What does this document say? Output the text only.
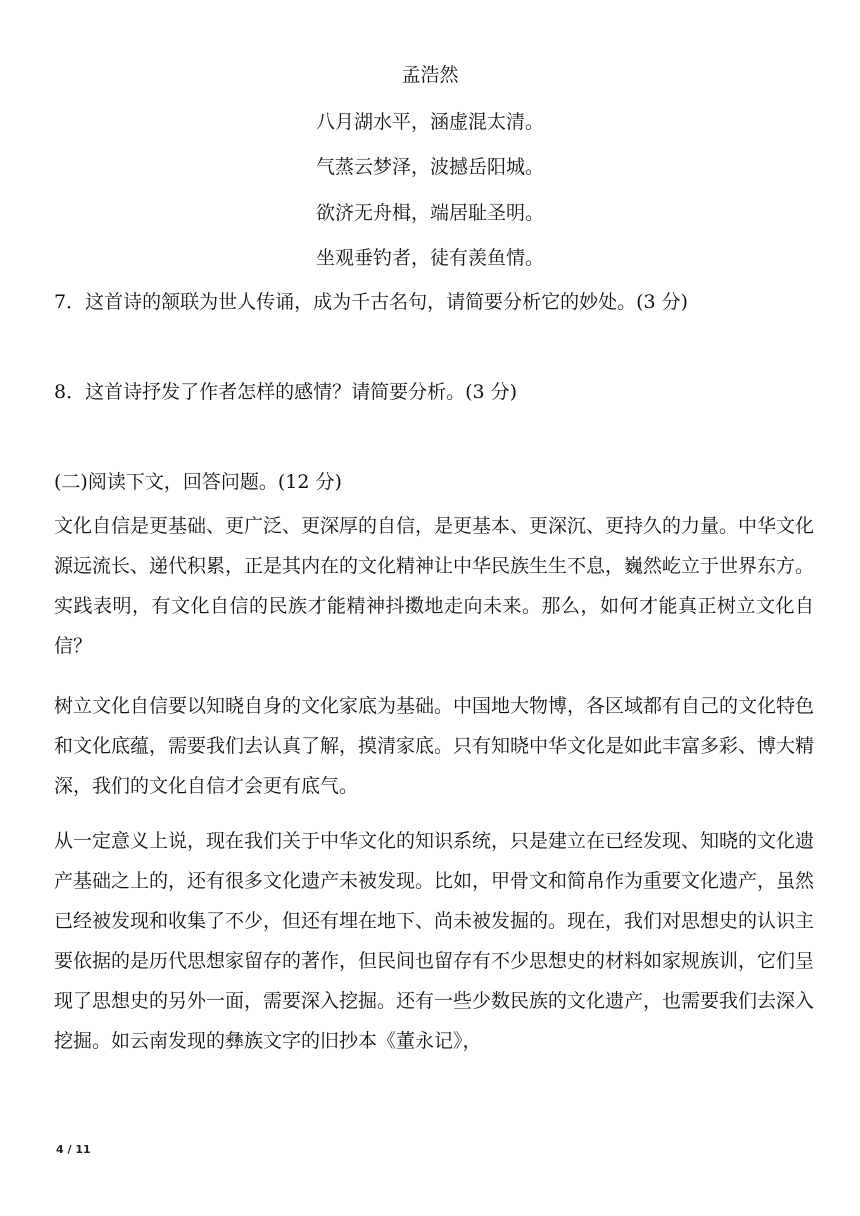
孟浩然
八月湖水平，涵虚混太清。
气蒸云梦泽，波撼岳阳城。
欲济无舟楫，端居耻圣明。
坐观垂钓者，徒有羡鱼情。
7．这首诗的颔联为世人传诵，成为千古名句，请简要分析它的妙处。(3 分)
8．这首诗抒发了作者怎样的感情？请简要分析。(3 分)
(二)阅读下文，回答问题。(12 分)
文化自信是更基础、更广泛、更深厚的自信，是更基本、更深沉、更持久的力量。中华文化源远流长、递代积累，正是其内在的文化精神让中华民族生生不息，巍然屹立于世界东方。实践表明，有文化自信的民族才能精神抖擞地走向未来。那么，如何才能真正树立文化自信？
树立文化自信要以知晓自身的文化家底为基础。中国地大物博，各区域都有自己的文化特色和文化底蕴，需要我们去认真了解，摸清家底。只有知晓中华文化是如此丰富多彩、博大精深，我们的文化自信才会更有底气。
从一定意义上说，现在我们关于中华文化的知识系统，只是建立在已经发现、知晓的文化遗产基础之上的，还有很多文化遗产未被发现。比如，甲骨文和简帛作为重要文化遗产，虽然已经被发现和收集了不少，但还有埋在地下、尚未被发掘的。现在，我们对思想史的认识主要依据的是历代思想家留存的著作，但民间也留存有不少思想史的材料如家规族训，它们呈现了思想史的另外一面，需要深入挖掘。还有一些少数民族的文化遗产，也需要我们去深入挖掘。如云南发现的彝族文字的旧抄本《董永记》，
4 / 11
